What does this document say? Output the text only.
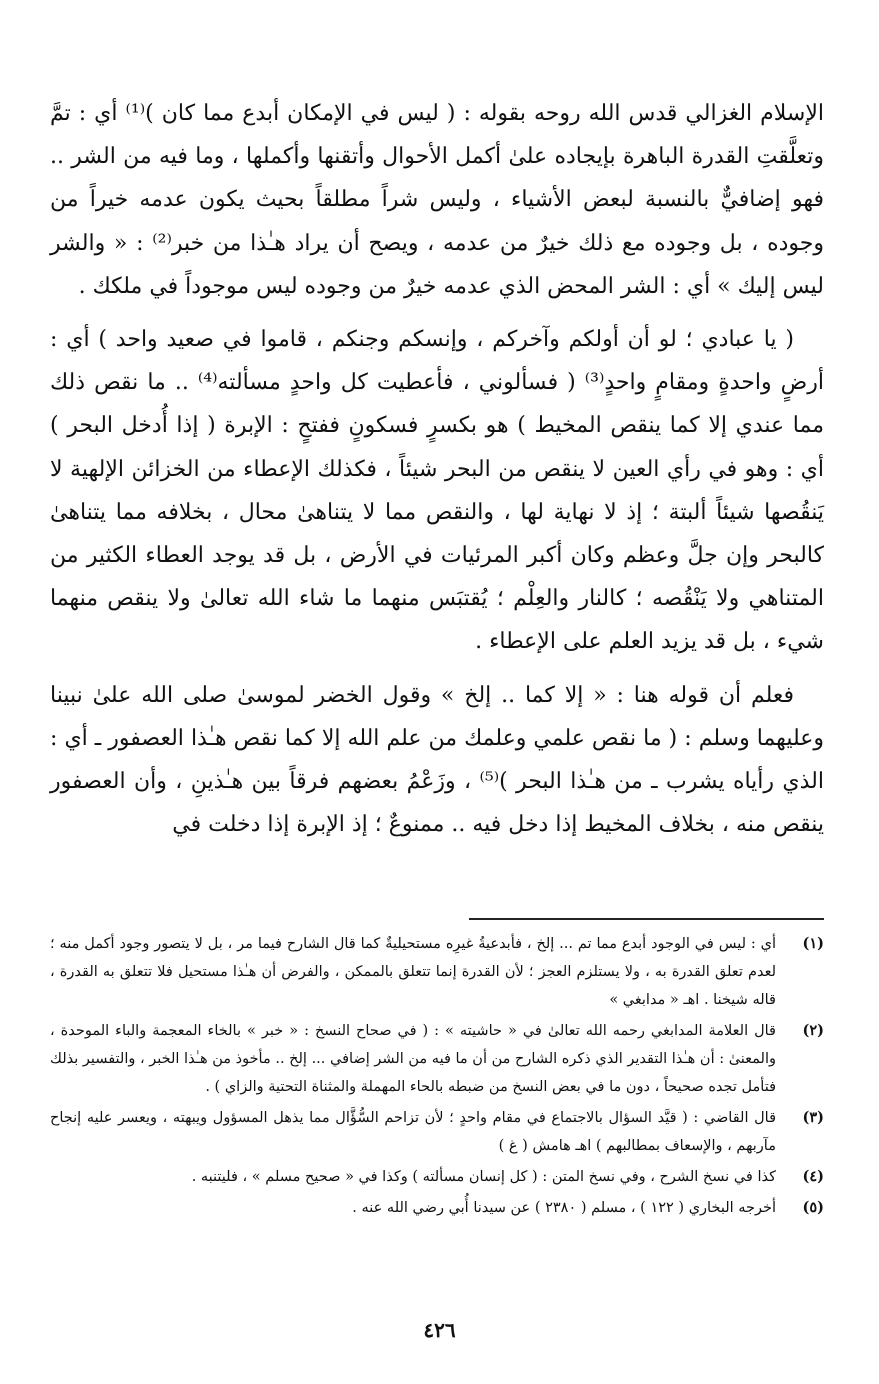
الإسلام الغزالي قدس الله روحه بقوله : ( ليس في الإمكان أبدع مما كان )⁽¹⁾ أي : تمَّ وتعلَّقتِ القدرة الباهرة بإيجاده علىٰ أكمل الأحوال وأتقنها وأكملها ، وما فيه من الشر .. فهو إضافيٌّ بالنسبة لبعض الأشياء ، وليس شراً مطلقاً بحيث يكون عدمه خيراً من وجوده ، بل وجوده مع ذلك خيرٌ من عدمه ، ويصح أن يراد هـٰذا من خبر⁽²⁾ : « والشر ليس إليك » أي : الشر المحض الذي عدمه خيرٌ من وجوده ليس موجوداً في ملكك .

( يا عبادي ؛ لو أن أولكم وآخركم ، وإنسكم وجنكم ، قاموا في صعيد واحد ) أي : أرضٍ واحدةٍ ومقامٍ واحدٍ⁽³⁾ ( فسألوني ، فأعطيت كل واحدٍ مسألته⁽⁴⁾ .. ما نقص ذلك مما عندي إلا كما ينقص المخيط ) هو بكسرٍ فسكونٍ ففتحٍ : الإبرة ( إذا أُدخل البحر ) أي : وهو في رأي العين لا ينقص من البحر شيئاً ، فكذلك الإعطاء من الخزائن الإلهية لا يَنقُصها شيئاً ألبتة ؛ إذ لا نهاية لها ، والنقص مما لا يتناهىٰ محال ، بخلافه مما يتناهىٰ كالبحر وإن جلَّ وعظم وكان أكبر المرئيات في الأرض ، بل قد يوجد العطاء الكثير من المتناهي ولا يَنْقُصه ؛ كالنار والعِلْم ؛ يُقتبَس منهما ما شاء الله تعالىٰ ولا ينقص منهما شيء ، بل قد يزيد العلم على الإعطاء .

فعلم أن قوله هنا : « إلا كما .. إلخ » وقول الخضر لموسىٰ صلى الله علىٰ نبينا وعليهما وسلم : ( ما نقص علمي وعلمك من علم الله إلا كما نقص هـٰذا العصفور ـ أي : الذي رأياه يشرب ـ من هـٰذا البحر )⁽⁵⁾ ، وزَعْمُ بعضهم فرقاً بين هـٰذينِ ، وأن العصفور ينقص منه ، بخلاف المخيط إذا دخل فيه .. ممنوعٌ ؛ إذ الإبرة إذا دخلت في

(١)
أي : ليس في الوجود أبدع مما تم ... إلخ ، فأبدعيةُ غيرِه مستحيليةٌ كما قال الشارح فيما مر ، بل لا يتصور وجود أكمل منه ؛ لعدم تعلق القدرة به ، ولا يستلزم العجز ؛ لأن القدرة إنما تتعلق بالممكن ، والفرض أن هـٰذا مستحيل فلا تتعلق به القدرة ، قاله شيخنا . اهـ « مدابغي »
(٢)
قال العلامة المدابغي رحمه الله تعالىٰ في « حاشيته » : ( في صحاح النسخ : « خبر » بالخاء المعجمة والباء الموحدة ، والمعنىٰ : أن هـٰذا التقدير الذي ذكره الشارح من أن ما فيه من الشر إضافي ... إلخ .. مأخوذ من هـٰذا الخبر ، والتفسير بذلك فتأمل تجده صحيحاً ، دون ما في بعض النسخ من ضبطه بالحاء المهملة والمثناة التحتية والزاي ) .
(٣)
قال القاضي : ( قيَّد السؤال بالاجتماع في مقام واحدٍ ؛ لأن تزاحم السُّؤَّال مما يذهل المسؤول ويبهته ، ويعسر عليه إنجاح مآربهم ، والإسعاف بمطالبهم ) اهـ هامش ( غ )
(٤)
كذا في نسخ الشرح ، وفي نسخ المتن : ( كل إنسان مسألته ) وكذا في « صحيح مسلم » ، فليتنبه .
(٥)
أخرجه البخاري ( ١٢٢ ) ، مسلم ( ٢٣٨٠ ) عن سيدنا أُبي رضي الله عنه .
٤٢٦
